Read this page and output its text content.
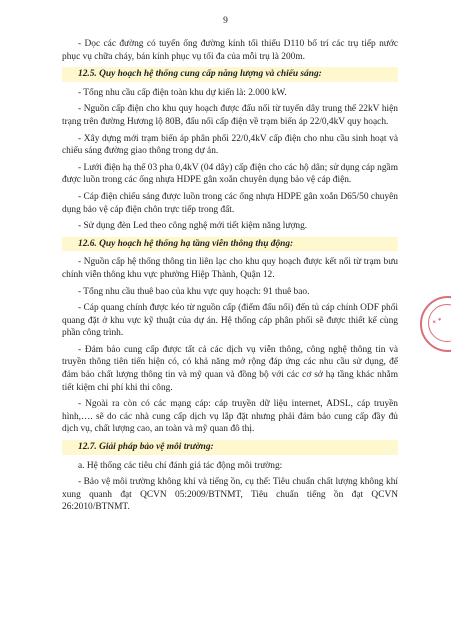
9

- Dọc các đường có tuyến ống đường kính tối thiểu D110 bố trí các trụ tiếp nước phục vụ chữa cháy, bán kính phục vụ tối đa của mỗi trụ là 200m.

12.5. Quy hoạch hệ thống cung cấp năng lượng và chiếu sáng:

- Tổng nhu cầu cấp điện toàn khu dự kiến là: 2.000 kW.

- Nguồn cấp điện cho khu quy hoạch được đấu nối từ tuyến dây trung thế 22kV hiện trạng trên đường Hương lộ 80B, đấu nối cấp điện về trạm biến áp 22/0,4kV quy hoạch.

- Xây dựng mới trạm biến áp phân phối 22/0,4kV cấp điện cho nhu cầu sinh hoạt và chiếu sáng đường giao thông trong dự án.

- Lưới điện hạ thế 03 pha 0,4kV (04 dây) cấp điện cho các hộ dân; sử dụng cáp ngầm được luồn trong các ống nhựa HDPE gân xoắn chuyên dụng bảo vệ cáp điện.

- Cáp điện chiếu sáng được luồn trong các ống nhựa HDPE gân xoắn D65/50 chuyên dụng bảo vệ cáp điện chôn trực tiếp trong đất.

- Sử dụng đèn Led theo công nghệ mới tiết kiệm năng lượng.

12.6. Quy hoạch hệ thống hạ tầng viễn thông thụ động:

- Nguồn cấp hệ thống thông tin liên lạc cho khu quy hoạch được kết nối từ trạm bưu chính viễn thông khu vực phường Hiệp Thành, Quận 12.

- Tổng nhu cầu thuê bao của khu vực quy hoạch: 91 thuê bao.

- Cáp quang chính được kéo từ nguồn cấp (điểm đấu nối) đến tủ cáp chính ODF phối quang đặt ở khu vực kỹ thuật của dự án. Hệ thống cáp phân phối sẽ được thiết kế cùng phần công trình.

- Đảm bảo cung cấp được tất cả các dịch vụ viễn thông, công nghệ thông tin và truyền thông tiên tiến hiện có, có khả năng mở rộng đáp ứng các nhu cầu sử dụng, để đảm bảo chất lượng thông tin và mỹ quan và đồng bộ với các cơ sở hạ tầng khác nhằm tiết kiệm chi phí khi thi công.

- Ngoài ra còn có các mạng cáp: cáp truyền dữ liệu internet, ADSL, cáp truyền hình,…. sẽ do các nhà cung cấp dịch vụ lắp đặt nhưng phải đảm bảo cung cấp đầy đủ dịch vụ, chất lượng cao, an toàn và mỹ quan đô thị.

12.7. Giải pháp bảo vệ môi trường:

a. Hệ thống các tiêu chí đánh giá tác động môi trường:

- Bảo vệ môi trường không khí và tiếng ồn, cụ thể: Tiêu chuẩn chất lượng không khí xung quanh đạt QCVN 05:2009/BTNMT, Tiêu chuẩn tiếng ồn đạt QCVN 26:2010/BTNMT.

★ ★
